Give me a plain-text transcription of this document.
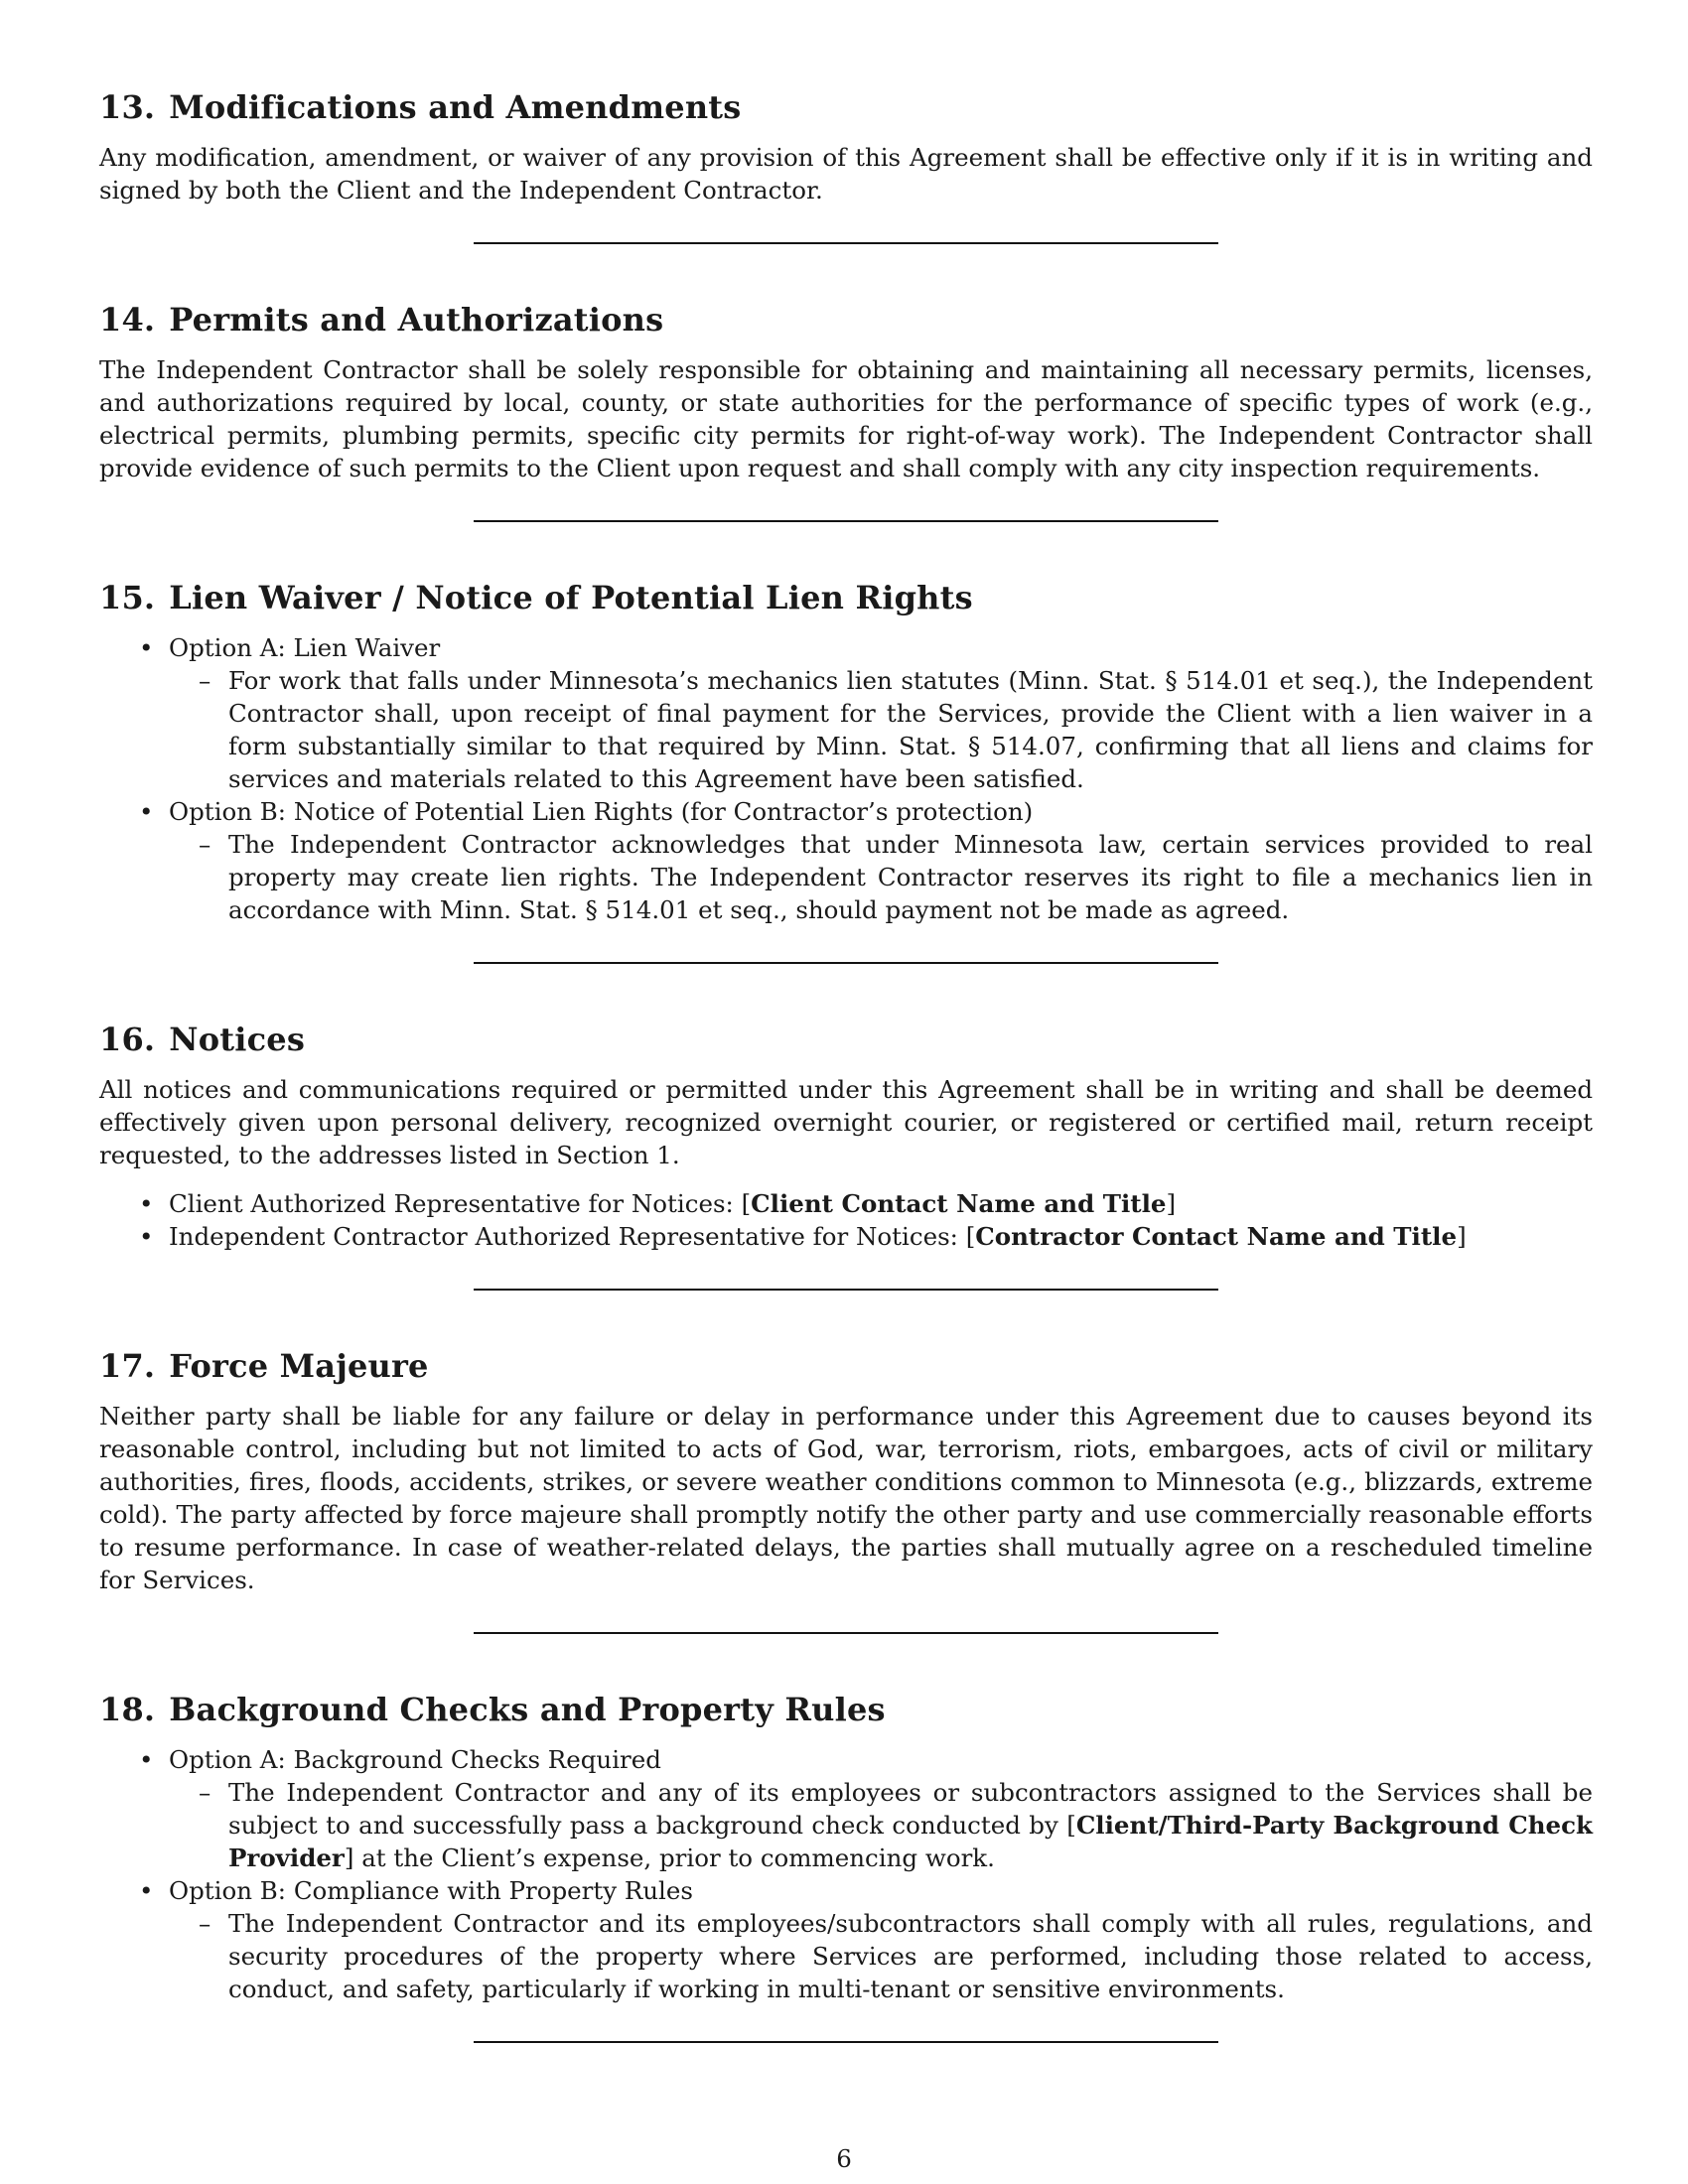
13. Modifications and Amendments

Any modification, amendment, or waiver of any provision of this Agreement shall be effective only if it is in writing and signed by both the Client and the Independent Contractor.

14. Permits and Authorizations

The Independent Contractor shall be solely responsible for obtaining and maintaining all necessary permits, licenses, and authorizations required by local, county, or state authorities for the performance of specific types of work (e.g., electrical permits, plumbing permits, specific city permits for right-of-way work). The Independent Contractor shall provide evidence of such permits to the Client upon request and shall comply with any city inspection requirements.

15. Lien Waiver / Notice of Potential Lien Rights
• Option A: Lien Waiver
– For work that falls under Minnesota’s mechanics lien statutes (Minn. Stat. § 514.01 et seq.), the Independent Contractor shall, upon receipt of final payment for the Services, provide the Client with a lien waiver in a form substantially similar to that required by Minn. Stat. § 514.07, confirming that all liens and claims for services and materials related to this Agreement have been satisfied.
• Option B: Notice of Potential Lien Rights (for Contractor’s protection)
– The Independent Contractor acknowledges that under Minnesota law, certain services provided to real property may create lien rights. The Independent Contractor reserves its right to file a mechanics lien in accordance with Minn. Stat. § 514.01 et seq., should payment not be made as agreed.
16. Notices

All notices and communications required or permitted under this Agreement shall be in writing and shall be deemed effectively given upon personal delivery, recognized overnight courier, or registered or certified mail, return receipt requested, to the addresses listed in Section 1.

• Client Authorized Representative for Notices: [Client Contact Name and Title]
• Independent Contractor Authorized Representative for Notices: [Contractor Contact Name and Title]
17. Force Majeure

Neither party shall be liable for any failure or delay in performance under this Agreement due to causes beyond its reasonable control, including but not limited to acts of God, war, terrorism, riots, embargoes, acts of civil or military authorities, fires, floods, accidents, strikes, or severe weather conditions common to Minnesota (e.g., blizzards, extreme cold). The party affected by force majeure shall promptly notify the other party and use commercially reasonable efforts to resume performance. In case of weather-related delays, the parties shall mutually agree on a rescheduled timeline for Services.

18. Background Checks and Property Rules
• Option A: Background Checks Required
– The Independent Contractor and any of its employees or subcontractors assigned to the Services shall be subject to and successfully pass a background check conducted by [Client/Third-Party Background Check Provider] at the Client’s expense, prior to commencing work.
• Option B: Compliance with Property Rules
– The Independent Contractor and its employees/subcontractors shall comply with all rules, regulations, and security procedures of the property where Services are performed, including those related to access, conduct, and safety, particularly if working in multi-tenant or sensitive environments.
6
